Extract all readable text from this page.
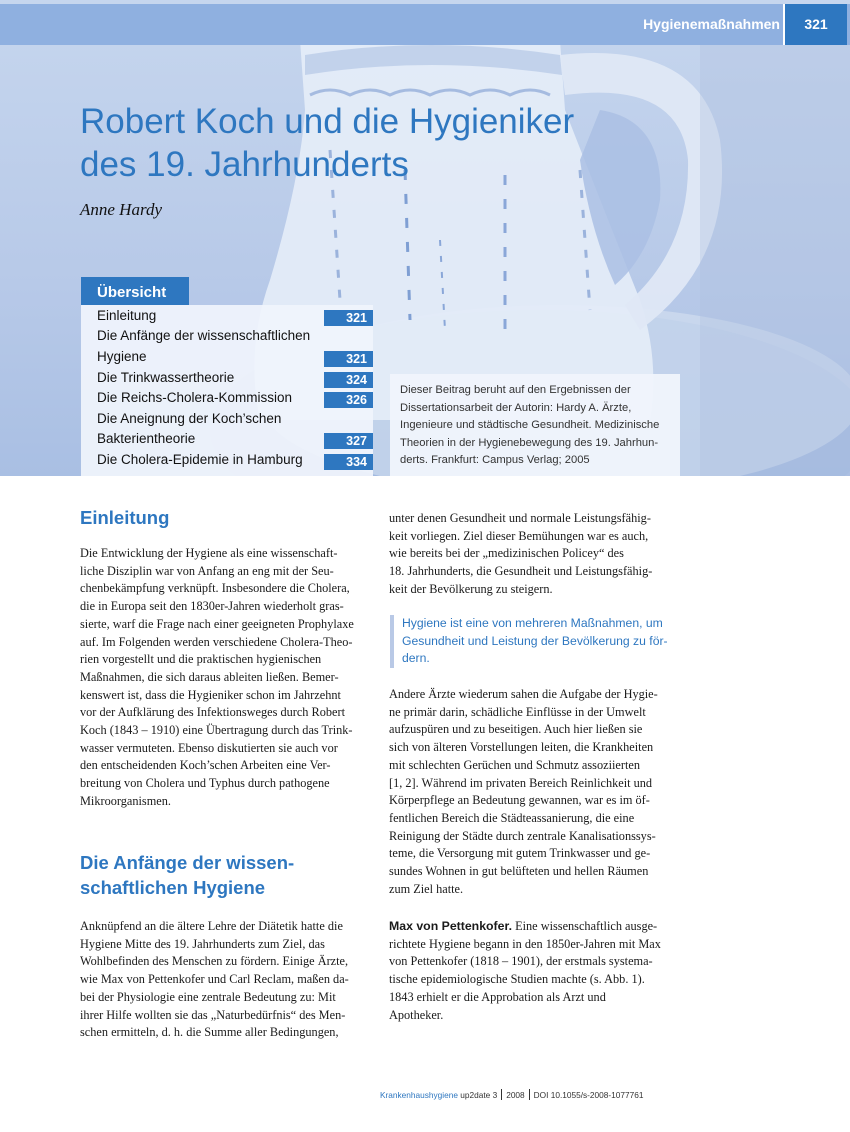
Hygienemaßnahmen	321
Robert Koch und die Hygieniker
des 19. Jahrhunderts
Anne Hardy
Übersicht
Einleitung	321
Die Anfänge der wissenschaftlichen
Hygiene	321
Die Trinkwassertheorie	324
Die Reichs-Cholera-Kommission	326
Die Aneignung der Koch’schen
Bakterientheorie	327
Die Cholera-Epidemie in Hamburg	334
Dieser Beitrag beruht auf den Ergebnissen der
Dissertationsarbeit der Autorin: Hardy A. Ärzte,
Ingenieure und städtische Gesundheit. Medizinische
Theorien in der Hygienebewegung des 19. Jahrhun-
derts. Frankfurt: Campus Verlag; 2005
Einleitung
Die Entwicklung der Hygiene als eine wissenschaft-
liche Disziplin war von Anfang an eng mit der Seu-
chenbekämpfung verknüpft. Insbesondere die Cholera,
die in Europa seit den 1830er-Jahren wiederholt gras-
sierte, warf die Frage nach einer geeigneten Prophylaxe
auf. Im Folgenden werden verschiedene Cholera-Theo-
rien vorgestellt und die praktischen hygienischen
Maßnahmen, die sich daraus ableiten ließen. Bemer-
kenswert ist, dass die Hygieniker schon im Jahrzehnt
vor der Aufklärung des Infektionsweges durch Robert
Koch (1843 – 1910) eine Übertragung durch das Trink-
wasser vermuteten. Ebenso diskutierten sie auch vor
den entscheidenden Koch’schen Arbeiten eine Ver-
breitung von Cholera und Typhus durch pathogene
Mikroorganismen.
Die Anfänge der wissen-
schaftlichen Hygiene
Anknüpfend an die ältere Lehre der Diätetik hatte die
Hygiene Mitte des 19. Jahrhunderts zum Ziel, das
Wohlbefinden des Menschen zu fördern. Einige Ärzte,
wie Max von Pettenkofer und Carl Reclam, maßen da-
bei der Physiologie eine zentrale Bedeutung zu: Mit
ihrer Hilfe wollten sie das „Naturbedürfnis“ des Men-
schen ermitteln, d. h. die Summe aller Bedingungen,
unter denen Gesundheit und normale Leistungsfähig-
keit vorliegen. Ziel dieser Bemühungen war es auch,
wie bereits bei der „medizinischen Policey“ des
18. Jahrhunderts, die Gesundheit und Leistungsfähig-
keit der Bevölkerung zu steigern.
Hygiene ist eine von mehreren Maßnahmen, um
Gesundheit und Leistung der Bevölkerung zu för-
dern.
Andere Ärzte wiederum sahen die Aufgabe der Hygie-
ne primär darin, schädliche Einflüsse in der Umwelt
aufzuspüren und zu beseitigen. Auch hier ließen sie
sich von älteren Vorstellungen leiten, die Krankheiten
mit schlechten Gerüchen und Schmutz assoziierten
[1, 2]. Während im privaten Bereich Reinlichkeit und
Körperpflege an Bedeutung gewannen, war es im öf-
fentlichen Bereich die Städteassanierung, die eine
Reinigung der Städte durch zentrale Kanalisationssys-
teme, die Versorgung mit gutem Trinkwasser und ge-
sundes Wohnen in gut belüfteten und hellen Räumen
zum Ziel hatte.
Max von Pettenkofer. Eine wissenschaftlich ausge-
richtete Hygiene begann in den 1850er-Jahren mit Max
von Pettenkofer (1818 – 1901), der erstmals systema-
tische epidemiologische Studien machte (s. Abb. 1).
1843 erhielt er die Approbation als Arzt und
Apotheker.
Krankenhaushygiene up2date 3 2008 DOI 10.1055/s-2008-1077761
